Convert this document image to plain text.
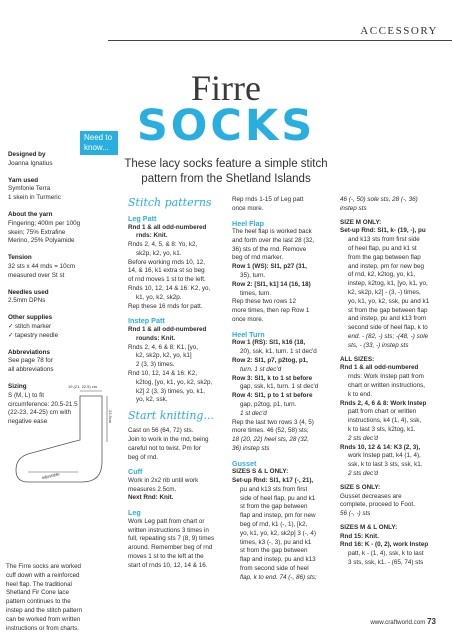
ACCESSORY
Firre
SOCKS
These lacy socks feature a simple stitch
pattern from the Shetland Islands
Need to
know...

Designed by

Joanna Ignatius

Yarn used

Symfonie Terra

1 skein in Turmeric

About the yarn

Fingering; 400m per 100g

skein; 75% Extrafine

Merino, 25% Polyamide

Tension

32 sts x 44 rnds = 10cm

measured over St st

Needles used

2.5mm DPNs

Other supplies

✓ stitch marker

✓ tapestry needle

Abbreviations

See page 78 for

all abbreviations

Sizing

S (M, L) to fit

circumference: 20.5-21.5

(22-23, 24-25) cm with

negative ease

19 (21, 22.5) cm
23.5cm
adjustable
The Firre socks are worked
cuff down with a reinforced
heel flap. The traditional
Shetland Fir Cone lace
pattern continues to the
instep and the stitch pattern
can be worked from written
instructions or from charts.

Stitch patterns

Leg Patt

Rnd 1 & all odd-numbered

rnds: Knit.

Rnds 2, 4, 5, & 8: Yo, k2,

sk2p, k2, yo, k1.

Before working rnds 10, 12,

14, & 16, k1 extra st so beg

of rnd moves 1 st to the left.

Rnds 10, 12, 14 & 16: K2, yo,

k1, yo, k2, sk2p.

Rep these 16 rnds for patt.

Instep Patt

Rnd 1 & all odd-numbered

rounds: Knit.

Rnds 2, 4, 6 & 8: K1, [yo,

k2, sk2p, k2, yo, k1]

2 (3, 3) times.

Rnd 10, 12, 14 & 16: K2,

k2tog, [yo, k1, yo, k2, sk2p,

k2] 2 (3, 3) times, yo, k1,

yo, k2, ssk.

Start knitting...

Cast on 56 (64, 72) sts.

Join to work in the rnd, being

careful not to twist. Pm for

beg of rnd.

Cuff

Work in 2x2 rib until work

measures 2.5cm.

Next Rnd: Knit.

Leg

Work Leg patt from chart or

written instructions 3 times in

full, repeating sts 7 (8, 9) times

around. Remember beg of rnd

moves 1 st to the left at the

start of rnds 10, 12, 14 & 16.

Rep rnds 1-15 of Leg patt

once more.

Heel Flap

The heel flap is worked back

and forth over the last 28 (32,

36) sts of the rnd. Remove

beg of rnd marker.

Row 1 (WS): Sl1, p27 (31,

35), turn.

Row 2: [Sl1, k1] 14 (16, 18)

times, turn.

Rep these two rows 12

more times, then rep Row 1

once more.

Heel Turn

Row 1 (RS): Sl1, k16 (18,

20), ssk, k1, turn. 1 st dec'd

Row 2: Sl1, p7, p2tog, p1,

turn. 1 st dec'd

Row 3: Sl1, k to 1 st before

gap, ssk, k1, turn. 1 st dec'd

Row 4: Sl1, p to 1 st before

gap, p2tog, p1, turn.

1 st dec'd

Rep the last two rows 3 (4, 5)

more times. 46 (52, 58) sts;

18 (20, 22) heel sts, 28 (32,

36) instep sts

Gusset

SIZES S & L ONLY:

Set-up Rnd: Sl1, k17 (-, 21),

pu and k13 sts from first

side of heel flap, pu and k1

st from the gap between

flap and instep, pm for new

beg of rnd, k1 (-, 1), [k2,

yo, k1, yo, k2, sk2p] 3 (-, 4)

times, k3 (-, 3), pu and k1

st from the gap between

flap and instep, pu and k13

from second side of heel

flap, k to end. 74 (-, 86) sts;

46 (-, 50) sole sts, 28 (-, 36)

instep sts

SIZE M ONLY:

Set-up Rnd: Sl1, k- (19, -), pu

and k13 sts from first side

of heel flap, pu and k1 st

from the gap between flap

and instep, pm for new beg

of rnd, k2, k2tog, yo, k1,

instep, k2tog, k1, [yo, k1, yo,

k2, sk2p, k2] - (3, -) times,

yo, k1, yo, k2, ssk, pu and k1

st from the gap between flap

and instep, pu and k13 from

second side of heel flap, k to

end. - (82, -) sts; -(48, -) sole

sts, - (33, -) instep sts

ALL SIZES:

Rnd 1 & all odd-numbered

rnds: Work Instep patt from

chart or written instructions,

k to end.

Rnds 2, 4, 6 & 8: Work Instep

patt from chart or written

instructions, k4 (1, 4), ssk,

k to last 3 sts, k2tog, k1.

2 sts dec'd

Rnds 10, 12 & 14: K3 (2, 3),

work Instep patt, k4 (1, 4),

ssk, k to last 3 sts, ssk, k1.

2 sts dec'd

SIZE S ONLY:

Gusset decreases are

complete, proceed to Foot.

56 (-, -) sts

SIZES M & L ONLY:

Rnd 15: Knit.

Rnd 16: K - (0, 2), work Instep

patt, k - (1, 4), ssk, k to last

3 sts, ssk, k1. - (65, 74) sts

www.craftworld.com 73
